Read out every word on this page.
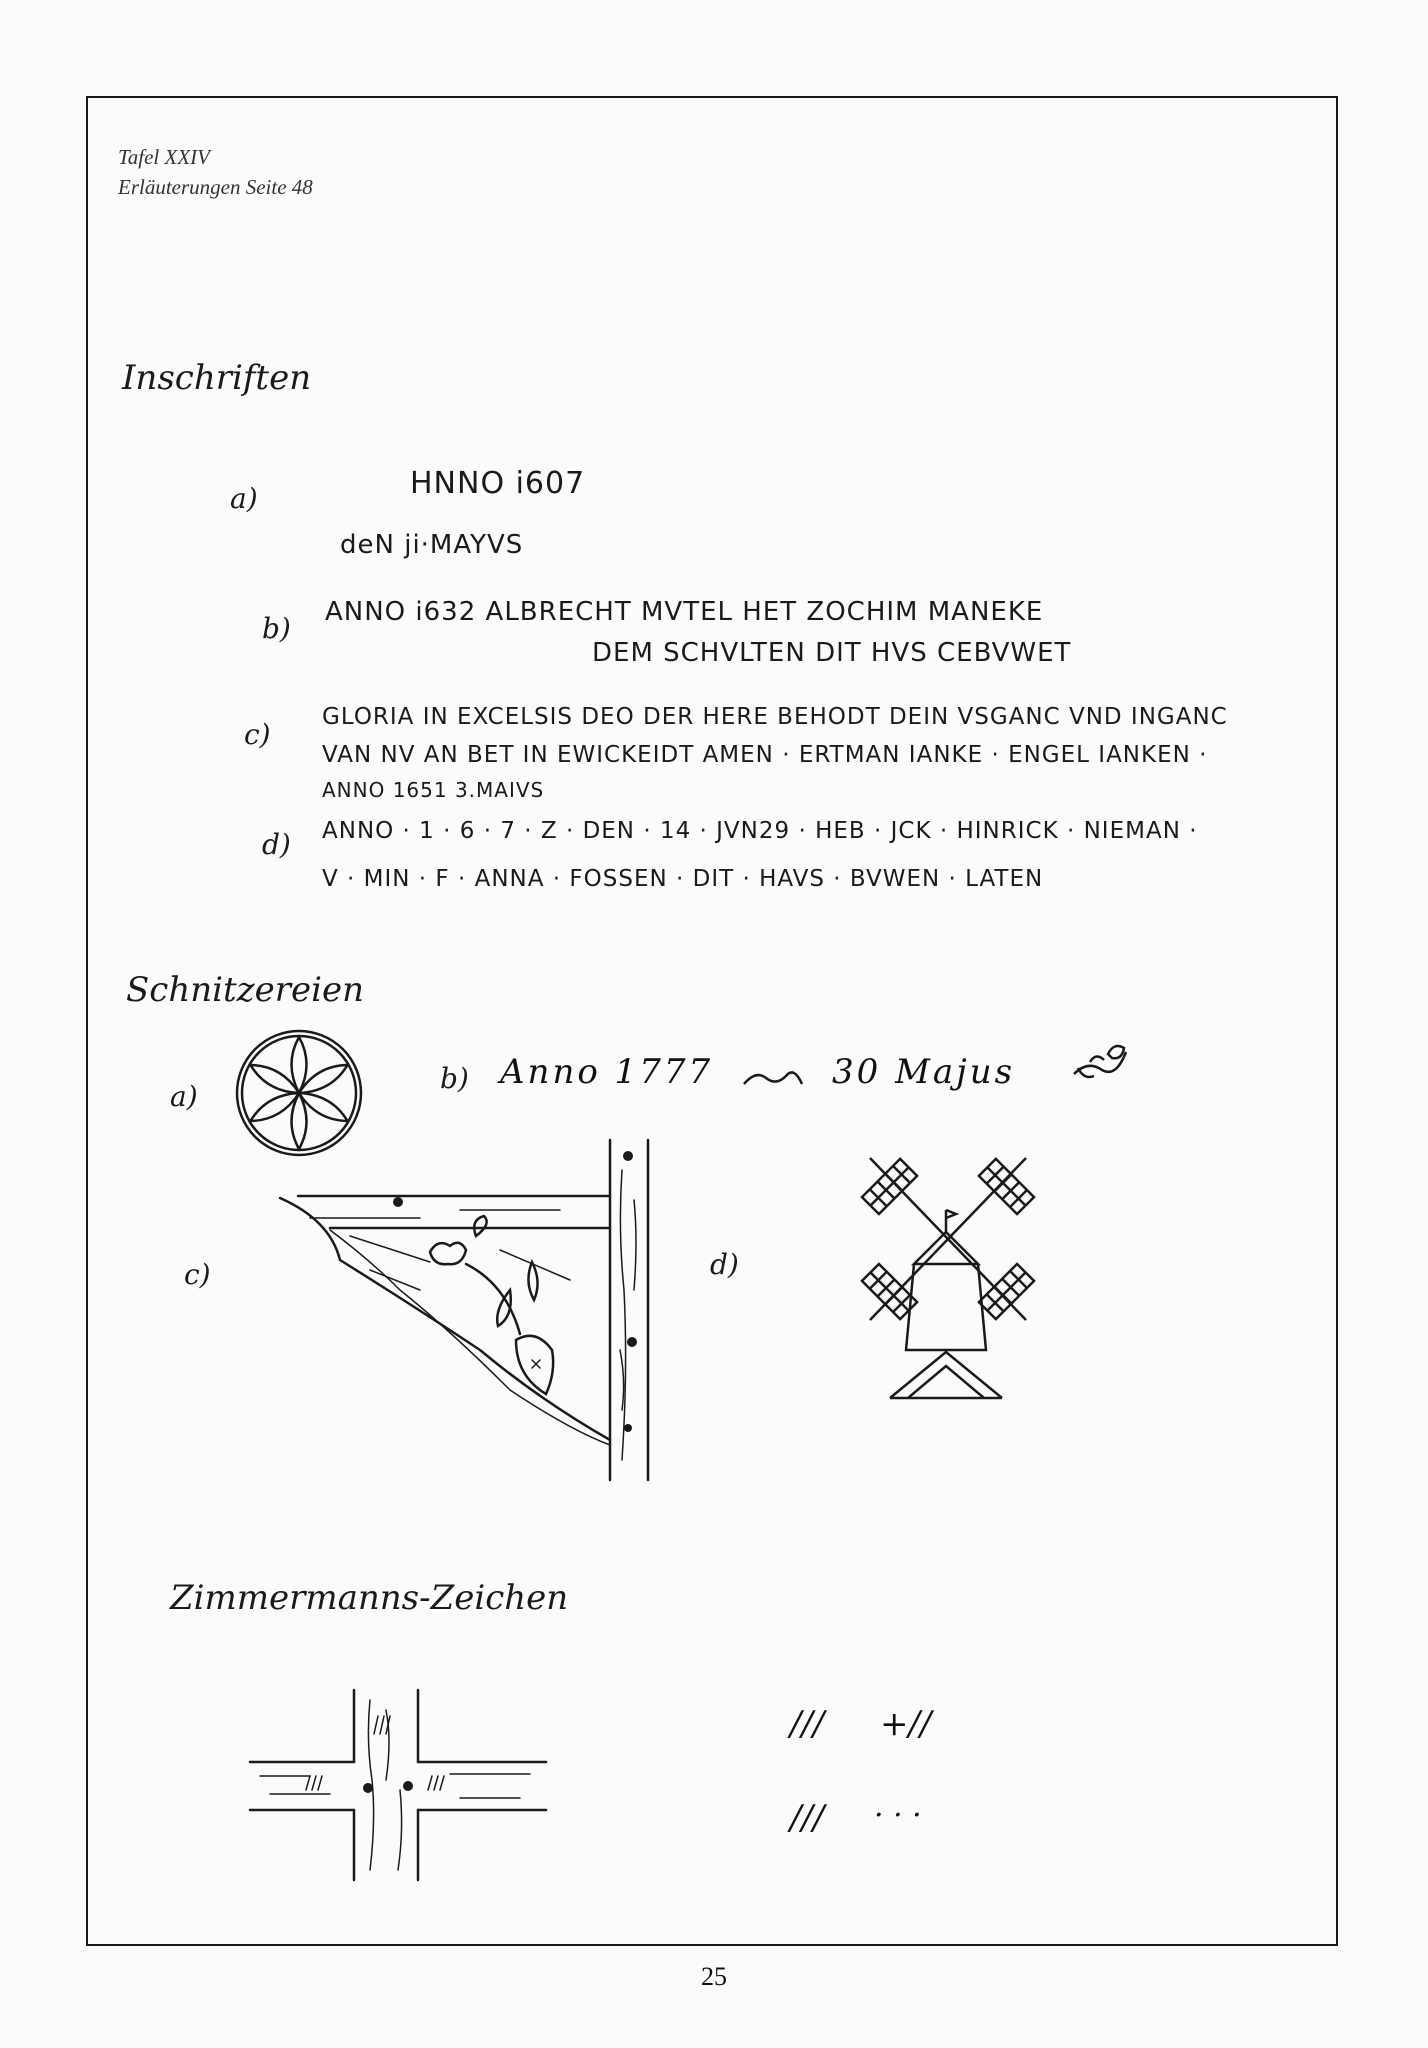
Tafel XXIV
Erläuterungen Seite 48
Inschriften
a)	HNNO i607
deN ji·MAYVS
b) ANNO i632 ALBRECHT MVTEL HET ZOCHIM MANEKE
DEM SCHVLTEN DIT HVS CEBVWET
c)
GLORIA IN EXCELSIS DEO DER HERE BEHODT DEIN VSGANC VND INGANC
VAN NV AN BET IN EWICKEIDT AMEN · ERTMAN IANKE · ENGEL IANKEN ·
ANNO 1651 3.MAIVS
d) ANNO · 1 · 6 · 7 · Z · DEN · 14 · JVN29 · HEB · JCK · HINRICK · NIEMAN ·
V · MIN · F · ANNA · FOSSEN · DIT · HAVS · BVWEN · LATEN
Schnitzereien
a)
b) Anno 1777	30 Majus
c)	d)
Zimmermanns-Zeichen
/// +//
/// · · ·
25
